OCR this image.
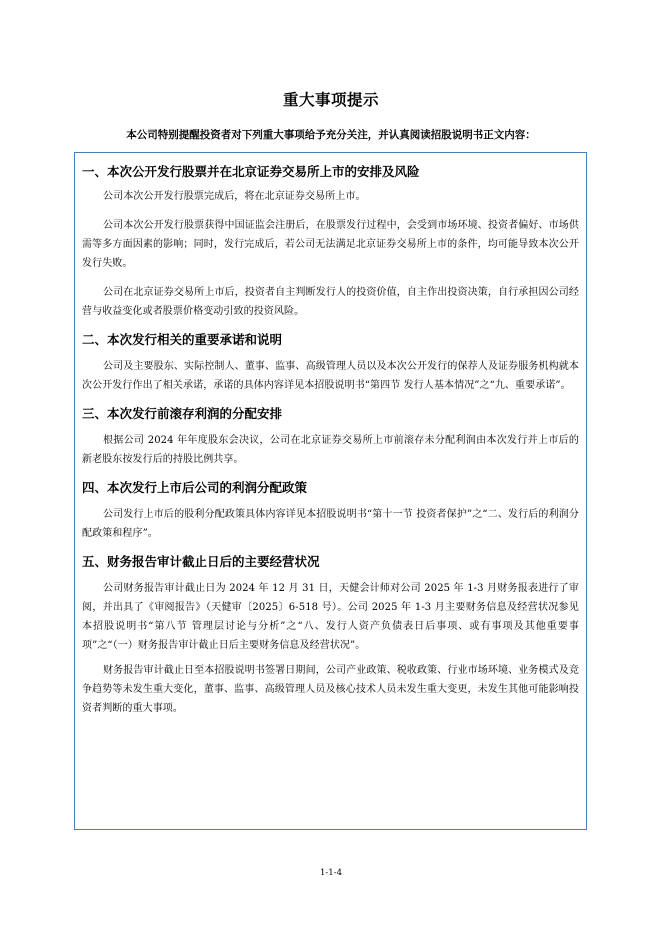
重大事项提示
本公司特别提醒投资者对下列重大事项给予充分关注，并认真阅读招股说明书正文内容：
一、本次公开发行股票并在北京证券交易所上市的安排及风险

公司本次公开发行股票完成后，将在北京证券交易所上市。

公司本次公开发行股票获得中国证监会注册后，在股票发行过程中，会受到市场环境、投资者偏好、市场供需等多方面因素的影响；同时，发行完成后，若公司无法满足北京证券交易所上市的条件，均可能导致本次公开发行失败。

公司在北京证券交易所上市后，投资者自主判断发行人的投资价值，自主作出投资决策，自行承担因公司经营与收益变化或者股票价格变动引致的投资风险。

二、本次发行相关的重要承诺和说明

公司及主要股东、实际控制人、董事、监事、高级管理人员以及本次公开发行的保荐人及证券服务机构就本次公开发行作出了相关承诺，承诺的具体内容详见本招股说明书“第四节 发行人基本情况”之“九、重要承诺”。

三、本次发行前滚存利润的分配安排

根据公司 2024 年年度股东会决议，公司在北京证券交易所上市前滚存未分配利润由本次发行并上市后的新老股东按发行后的持股比例共享。

四、本次发行上市后公司的利润分配政策

公司发行上市后的股利分配政策具体内容详见本招股说明书“第十一节 投资者保护”之“二、发行后的利润分配政策和程序”。

五、财务报告审计截止日后的主要经营状况

公司财务报告审计截止日为 2024 年 12 月 31 日，天健会计师对公司 2025 年 1-3 月财务报表进行了审阅，并出具了《审阅报告》（天健审〔2025〕6-518 号）。公司 2025 年 1-3 月主要财务信息及经营状况参见本招股说明书“第八节 管理层讨论与分析”之“八、发行人资产负债表日后事项、或有事项及其他重要事项”之“（一）财务报告审计截止日后主要财务信息及经营状况”。

财务报告审计截止日至本招股说明书签署日期间，公司产业政策、税收政策、行业市场环境、业务模式及竞争趋势等未发生重大变化，董事、监事、高级管理人员及核心技术人员未发生重大变更，未发生其他可能影响投资者判断的重大事项。

1-1-4
